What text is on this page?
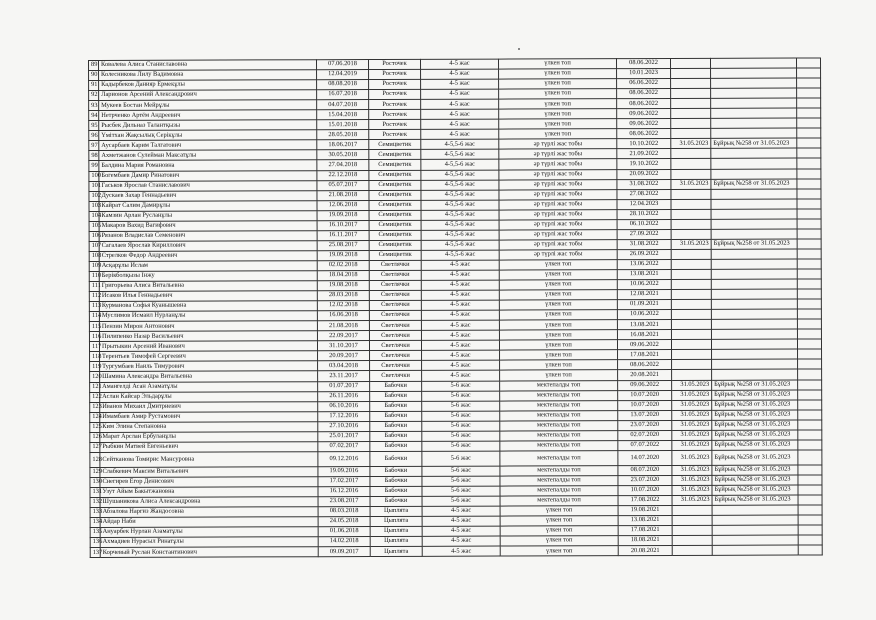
89	Ковалева Алиса Станиславовна	07.06.2018	Росточек	4-5 жас	үлкен топ	08.06.2022			
90	Колесникова Лилу Вадимовна	12.04.2019	Росточек	4-5 жас	үлкен топ	10.01.2023			
91	Кадырбеков Данияр Ермекұлы	08.08.2018	Росточек	4-5 жас	үлкен топ	06.06.2022			
92	Ларионов Арсений Александрович	16.07.2018	Росточек	4-5 жас	үлкен топ	08.06.2022			
93	Мукеев Бостан Мейрұлы	04.07.2018	Росточек	4-5 жас	үлкен топ	08.06.2022			
94	Нетрченко Артём Андреевич	15.04.2018	Росточек	4-5 жас	үлкен топ	09.06.2022			
95	Рысбек Дильназ Талантқызы	15.01.2018	Росточек	4-5 жас	үлкен топ	09.06.2022			
96	Үмітхан Жақсылық Серікұлы	28.05.2018	Росточек	4-5 жас	үлкен топ	08.06.2022			
97	Аусарбаев Карим Талгатович	18.06.2017	Семицветик	4-5,5-6 жас	әр түрлі жас тобы	10.10.2022	31.05.2023	Бұйрық №258 от 31.05.2023	
98	Ахметжанов Сулейман Максатұлы	30.05.2018	Семицветик	4-5,5-6 жас	әр түрлі жас тобы	21.09.2022			
99	Балдина Мария Романовна	27.04.2018	Семицветик	4-5,5-6 жас	әр түрлі жас тобы	19.10.2022			
100	Богембаев Дамир Ринатович	22.12.2018	Семицветик	4-5,5-6 жас	әр түрлі жас тобы	20.09.2022			
101	Гаськов Ярослав Станиславович	05.07.2017	Семицветик	4-5,5-6 жас	әр түрлі жас тобы	31.08.2022	31.05.2023	Бұйрық №258 от 31.05.2023	
102	Дускаев Захар Геннадьевич	21.08.2018	Семицветик	4-5,5-6 жас	әр түрлі жас тобы	27.08.2022			
103	Кайрат Салим Дамирұлы	12.06.2018	Семицветик	4-5,5-6 жас	әр түрлі жас тобы	12.04.2023			
104	Камзин Арлан Русланұлы	19.09.2018	Семицветик	4-5,5-6 жас	әр түрлі жас тобы	28.10.2022			
105	Макаров Вахид Вагифович	16.10.2017	Семицветик	4-5,5-6 жас	әр түрлі жас тобы	06.10.2022			
106	Рязанов Владислав Семенович	16.11.2017	Семицветик	4-5,5-6 жас	әр түрлі жас тобы	27.09.2022			
107	Сагалаев Ярослав Кириллович	25.08.2017	Семицветик	4-5,5-6 жас	әр түрлі жас тобы	31.08.2022	31.05.2023	Бұйрық №258 от 31.05.2023	
108	Стрелков Федор Андреевич	19.09.2018	Семицветик	4-5,5-6 жас	әр түрлі жас тобы	26.09.2022			
109	Асқарұлы Ислам	02.02.2018	Светлячки	4-5 жас	үлкен топ	13.06.2022			
110	Берікболқызы Інжу	18.04.2018	Светлячки	4-5 жас	үлкен топ	13.08.2021			
111	Григорьева Алиса Витальевна	19.08.2018	Светлячки	4-5 жас	үлкен топ	10.06.2022			
112	Исаков Илья Геннадьевич	28.03.2018	Светлячки	4-5 жас	үлкен топ	12.08.2021			
113	Курманова Софья Куанышевна	12.02.2018	Светлячки	4-5 жас	үлкен топ	01.09.2021			
114	Муслимов Исмаил Нурланұлы	16.06.2018	Светлячки	4-5 жас	үлкен топ	10.06.2022			
115	Пензин Мирон Антонович	21.08.2018	Светлячки	4-5 жас	үлкен топ	13.08.2021			
116	Пилипенко Назар Васильевич	22.09.2017	Светлячки	4-5 жас	үлкен топ	16.08.2021			
117	Прытыкин Арсений Иванович	31.10.2017	Светлячки	4-5 жас	үлкен топ	09.06.2022			
118	Терентьев Тимофей Сергеевич	20.09.2017	Светлячки	4-5 жас	үлкен топ	17.08.2021			
119	Тургумбаев Наиль Тимурович	03.04.2018	Светлячки	4-5 жас	үлкен топ	08.06.2022			
120	Шамина Александра Витальевна	23.11.2017	Светлячки	4-5 жас	үлкен топ	20.08.2021			
121	Амангелді Асан Азаматұлы	01.07.2017	Бабочки	5-6 жас	мектепалды топ	09.06.2022	31.05.2023	Бұйрық №258 от 31.05.2023	
122	Аслан Кайсар Эльдарұлы	26.11.2016	Бабочки	5-6 жас	мектепалды топ	10.07.2020	31.05.2023	Бұйрық №258 от 31.05.2023	
123	Иванов Михаил Дмитриевич	06.10.2016	Бабочки	5-6 жас	мектепалды топ	10.07.2020	31.05.2023	Бұйрық №258 от 31.05.2023	
124	Имамбаев Амир Рустамович	17.12.2016	Бабочки	5-6 жас	мектепалды топ	13.07.2020	31.05.2023	Бұйрық №258 от 31.05.2023	
125	Ким Элина Степановна	27.10.2016	Бабочки	5-6 жас	мектепалды топ	23.07.2020	31.05.2023	Бұйрық №258 от 31.05.2023	
126	Марат Арслан Ербуланұлы	25.01.2017	Бабочки	5-6 жас	мектепалды топ	02.07.2020	31.05.2023	Бұйрық №258 от 31.05.2023	
127	Рыбкин Матвей Евгеньевич	07.02.2017	Бабочки	5-6 жас	мектепалды топ	07.07.2022	31.05.2023	Бұйрық №258 от 31.05.2023	
128	Сейтканова Томирис Мансуровна	09.12.2016	Бабочки	5-6 жас	мектепалды топ	14.07.2020	31.05.2023	Бұйрық №258 от 31.05.2023	
129	Слабкевич Максим Витальевич	19.09.2016	Бабочки	5-6 жас	мектепалды топ	08.07.2020	31.05.2023	Бұйрық №258 от 31.05.2023	
130	Снегирев Егор Денисович	17.02.2017	Бабочки	5-6 жас	мектепалды топ	23.07.2020	31.05.2023	Бұйрық №258 от 31.05.2023	
131	Узут Айым Бакытжановна	16.12.2016	Бабочки	5-6 жас	мектепалды топ	10.07.2020	31.05.2023	Бұйрық №258 от 31.05.2023	
132	Шушаникова Алиса Александровна	23.08.2017	Бабочки	5-6 жас	мектепалды топ	17.08.2022	31.05.2023	Бұйрық №258 от 31.05.2023	
133	Абзалова Наргиз Жандосовна	08.03.2018	Цыплята	4-5 жас	үлкен топ	19.08.2021			
134	Айдар Наби	24.05.2018	Цыплята	4-5 жас	үлкен топ	13.08.2021			
135	Ануарбек Нурлан Азаматұлы	01.06.2018	Цыплята	4-5 жас	үлкен топ	17.08.2021			
136	Ахмадиев Нурасыл Ринатұлы	14.02.2018	Цыплята	4-5 жас	үлкен топ	18.08.2021			
137	Корчевый Руслан Константинович	09.09.2017	Цыплята	4-5 жас	үлкен топ	20.08.2021			
